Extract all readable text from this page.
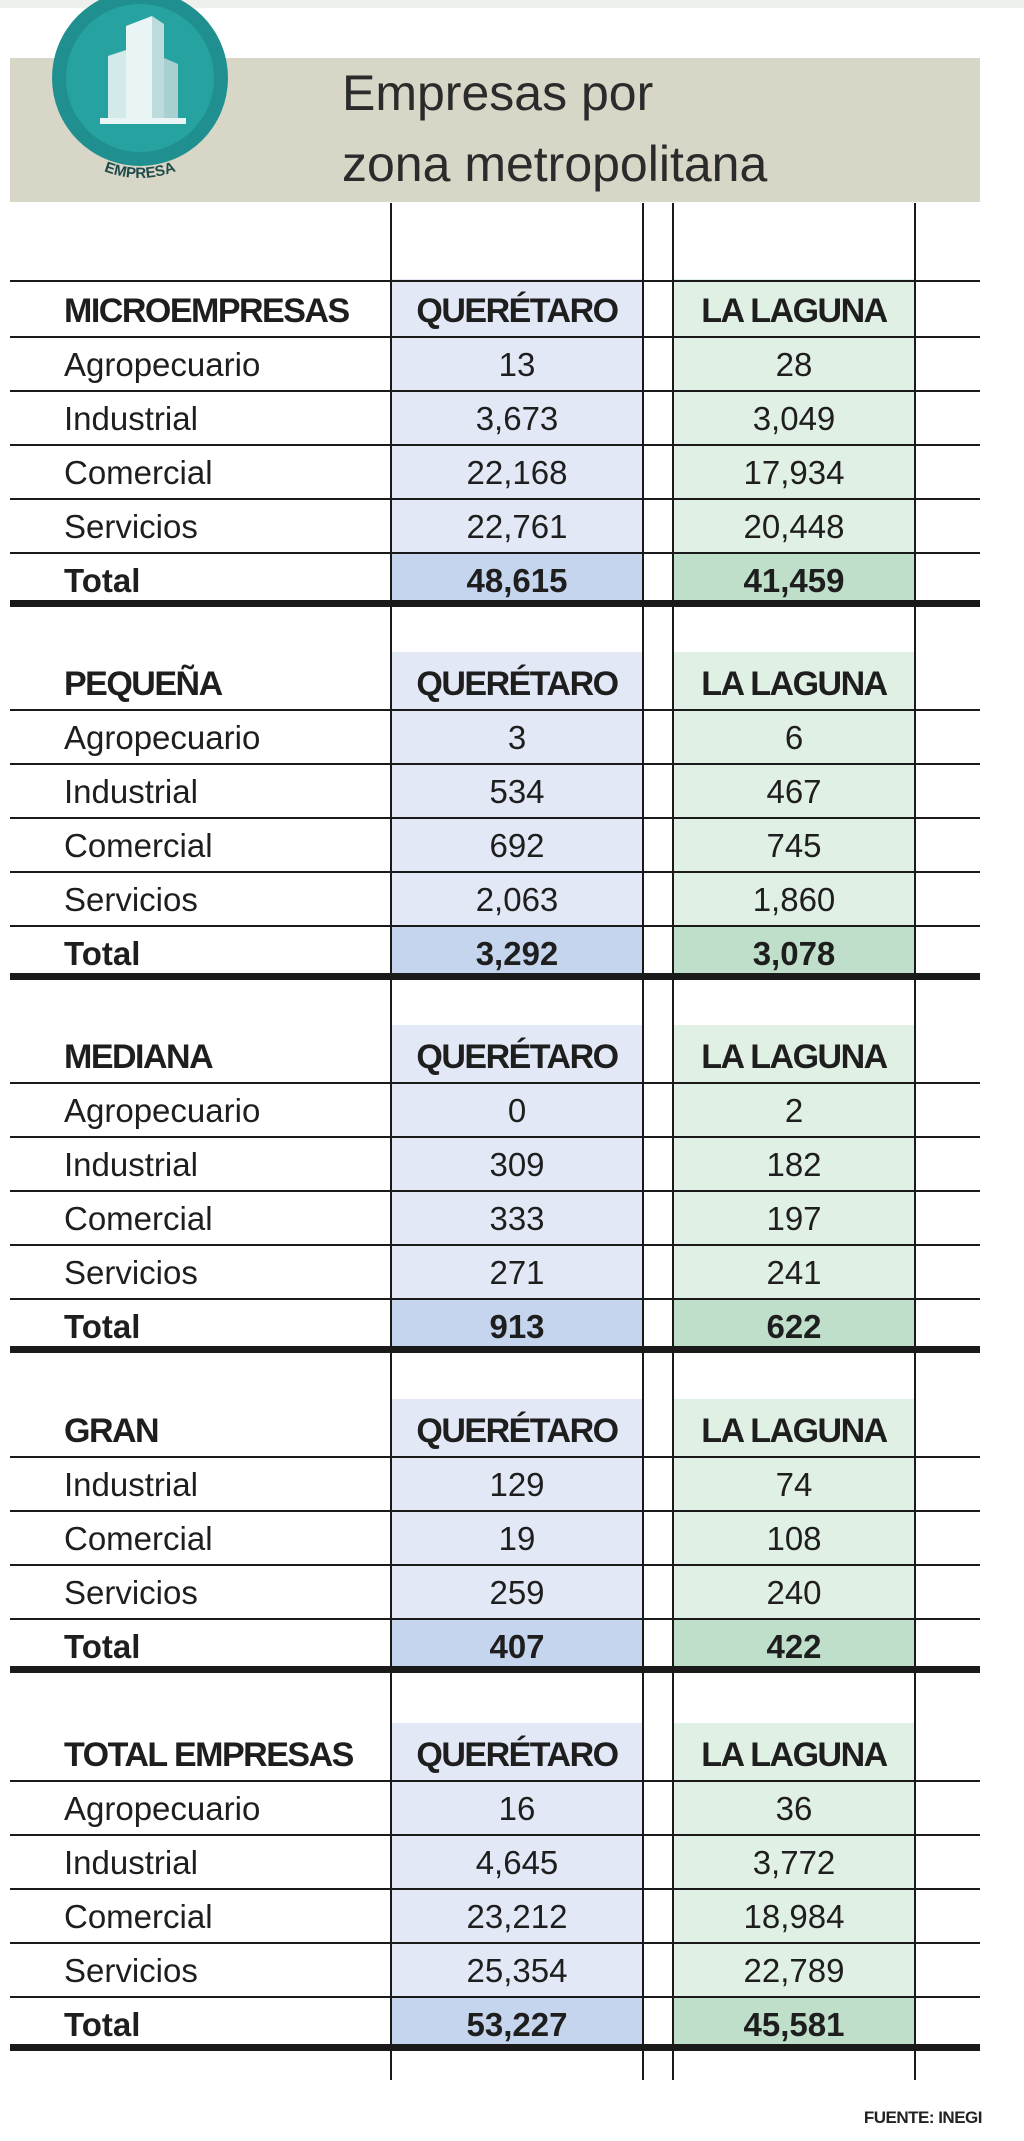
Empresas por
zona metropolitana
EMPRESA
MICROEMPRESAS	QUERÉTARO	LA LAGUNA
Agropecuario	13	28
Industrial	3,673	3,049
Comercial	22,168	17,934
Servicios	22,761	20,448
Total	48,615	41,459
PEQUEÑA	QUERÉTARO	LA LAGUNA
Agropecuario	3	6
Industrial	534	467
Comercial	692	745
Servicios	2,063	1,860
Total	3,292	3,078
MEDIANA	QUERÉTARO	LA LAGUNA
Agropecuario	0	2
Industrial	309	182
Comercial	333	197
Servicios	271	241
Total	913	622
GRAN	QUERÉTARO	LA LAGUNA
Industrial	129	74
Comercial	19	108
Servicios	259	240
Total	407	422
TOTAL EMPRESAS	QUERÉTARO	LA LAGUNA
Agropecuario	16	36
Industrial	4,645	3,772
Comercial	23,212	18,984
Servicios	25,354	22,789
Total	53,227	45,581
FUENTE: INEGI
